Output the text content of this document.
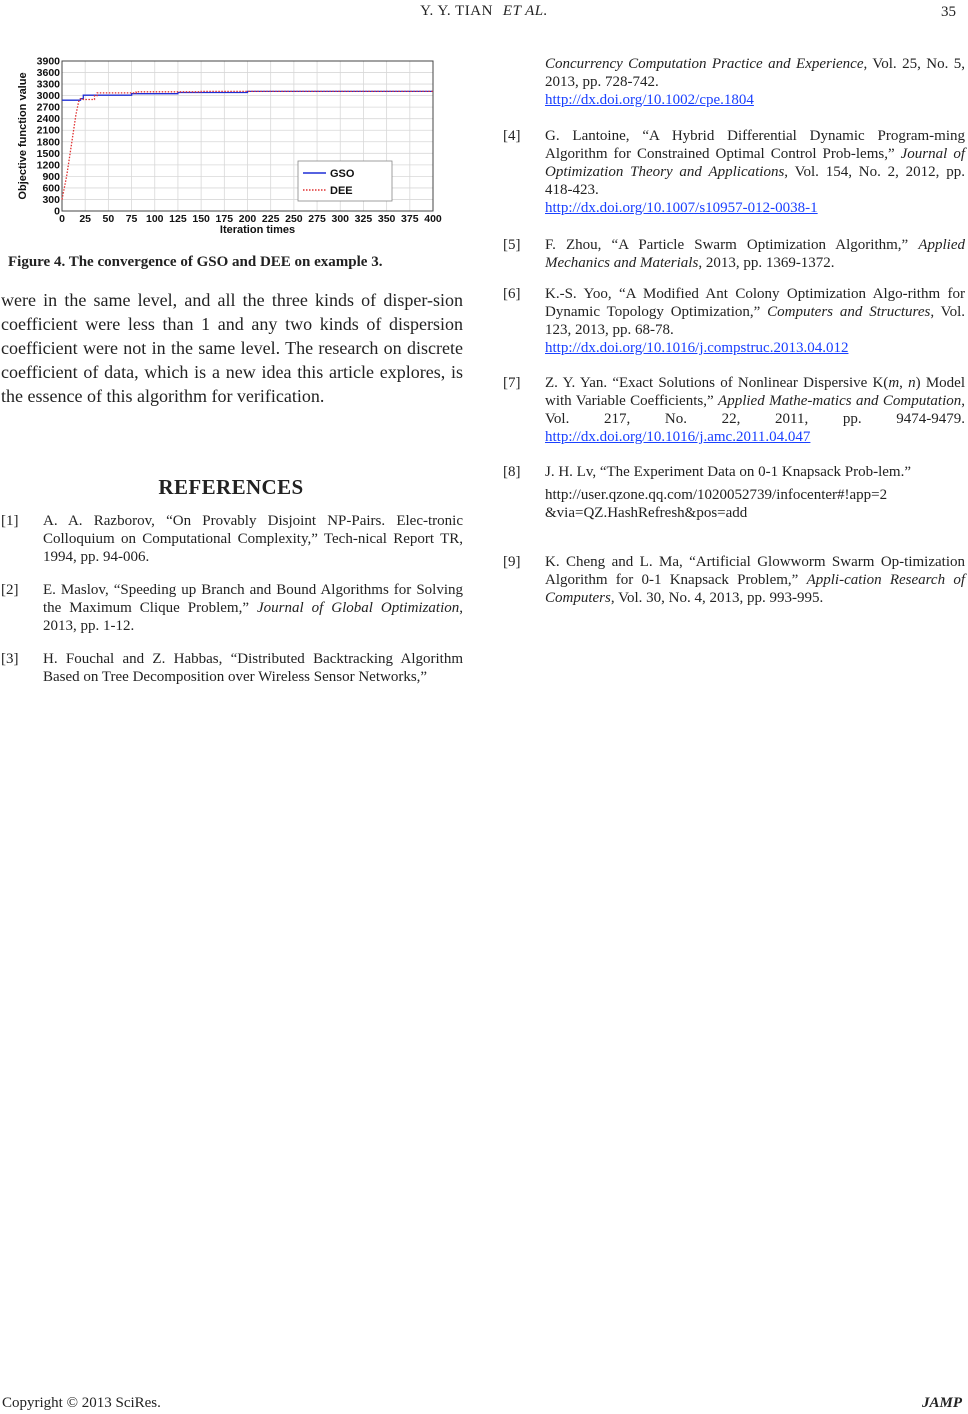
Y. Y. TIAN ET AL.	35
0
300
600
900
1200
1500
1800
2100
2400
2700
3000
3300
3600
3900
0 25 50 75 100 125 150 175 200 225 250 275 300 325 350 375 400
Iteration times
Objective function value	GSO
DEE
Figure 4. The convergence of GSO and DEE on example 3.

were in the same level, and all the three kinds of disper-sion coefficient were less than 1 and any two kinds of dispersion coefficient were not in the same level. The research on discrete coefficient of data, which is a new idea this article explores, is the essence of this algorithm for verification.

REFERENCES
[1] A. A. Razborov, “On Provably Disjoint NP-Pairs. Elec-tronic Colloquium on Computational Complexity,” Tech-nical Report TR, 1994, pp. 94-006.
[2] E. Maslov, “Speeding up Branch and Bound Algorithms for Solving the Maximum Clique Problem,” Journal of Global Optimization, 2013, pp. 1-12.
[3] H. Fouchal and Z. Habbas, “Distributed Backtracking Algorithm Based on Tree Decomposition over Wireless Sensor Networks,”
Concurrency Computation Practice and Experience, Vol. 25, No. 5, 2013, pp. 728-742.
http://dx.doi.org/10.1002/cpe.1804
[4] G. Lantoine, “A Hybrid Differential Dynamic Program-ming Algorithm for Constrained Optimal Control Prob-lems,” Journal of Optimization Theory and Applications, Vol. 154, No. 2, 2012, pp. 418-423.
http://dx.doi.org/10.1007/s10957-012-0038-1
[5] F. Zhou, “A Particle Swarm Optimization Algorithm,” Applied Mechanics and Materials, 2013, pp. 1369-1372.
[6] K.-S. Yoo, “A Modified Ant Colony Optimization Algo-rithm for Dynamic Topology Optimization,” Computers and Structures, Vol. 123, 2013, pp. 68-78.
http://dx.doi.org/10.1016/j.compstruc.2013.04.012
[7] Z. Y. Yan. “Exact Solutions of Nonlinear Dispersive K(m, n) Model with Variable Coefficients,” Applied Mathe-matics and Computation, Vol. 217, No. 22, 2011, pp. 9474-9479. http://dx.doi.org/10.1016/j.amc.2011.04.047
[8] J. H. Lv, “The Experiment Data on 0-1 Knapsack Prob-lem.”
http://user.qzone.qq.com/1020052739/infocenter#!app=2 &via=QZ.HashRefresh&pos=add
[9] K. Cheng and L. Ma, “Artificial Glowworm Swarm Op-timization Algorithm for 0-1 Knapsack Problem,” Appli-cation Research of Computers, Vol. 30, No. 4, 2013, pp. 993-995.
Copyright © 2013 SciRes.	JAMP
